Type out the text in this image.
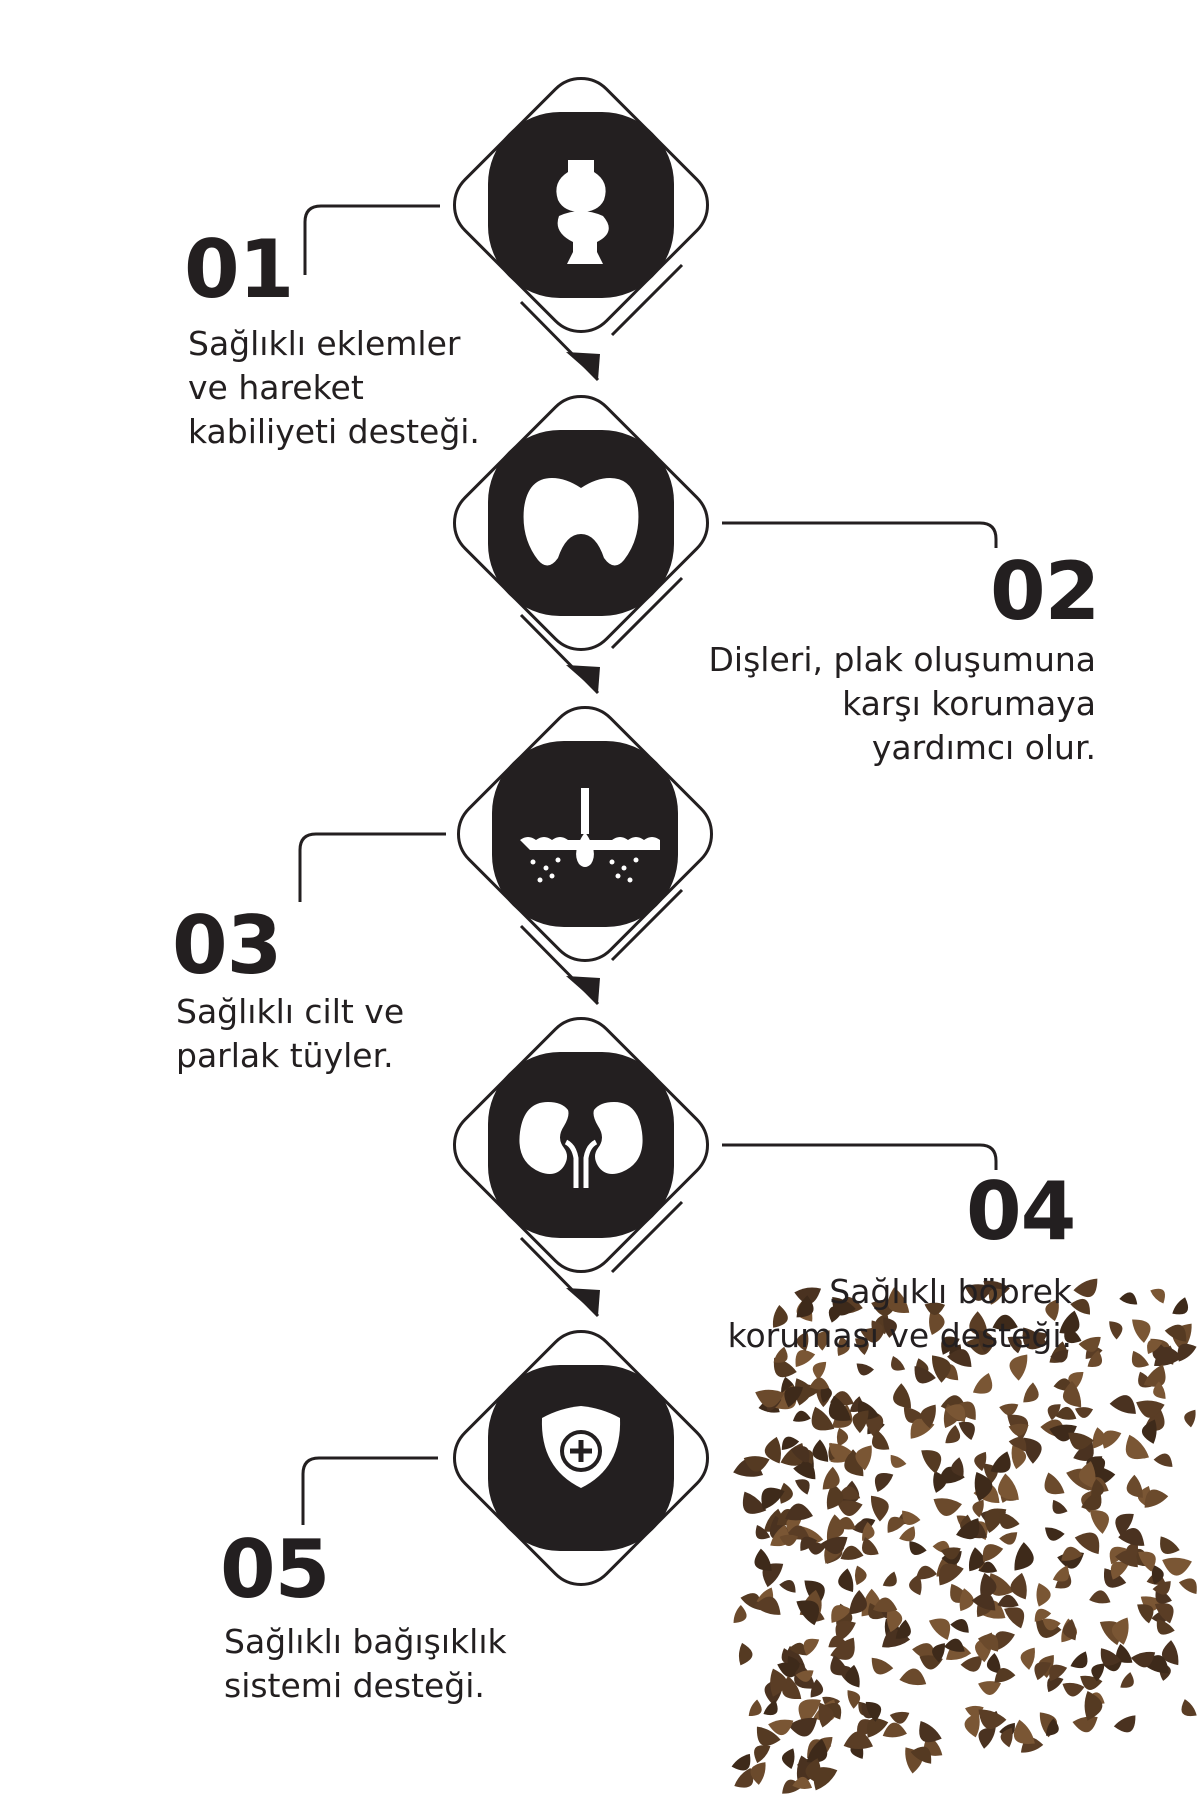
01

Sağlıklı eklemler
ve hareket
kabiliyeti desteği.

02

Dişleri, plak oluşumuna
karşı korumaya
yardımcı olur.

03

Sağlıklı cilt ve
parlak tüyler.

04

Sağlıklı böbrek
koruması ve desteği.

05

Sağlıklı bağışıklık
sistemi desteği.
